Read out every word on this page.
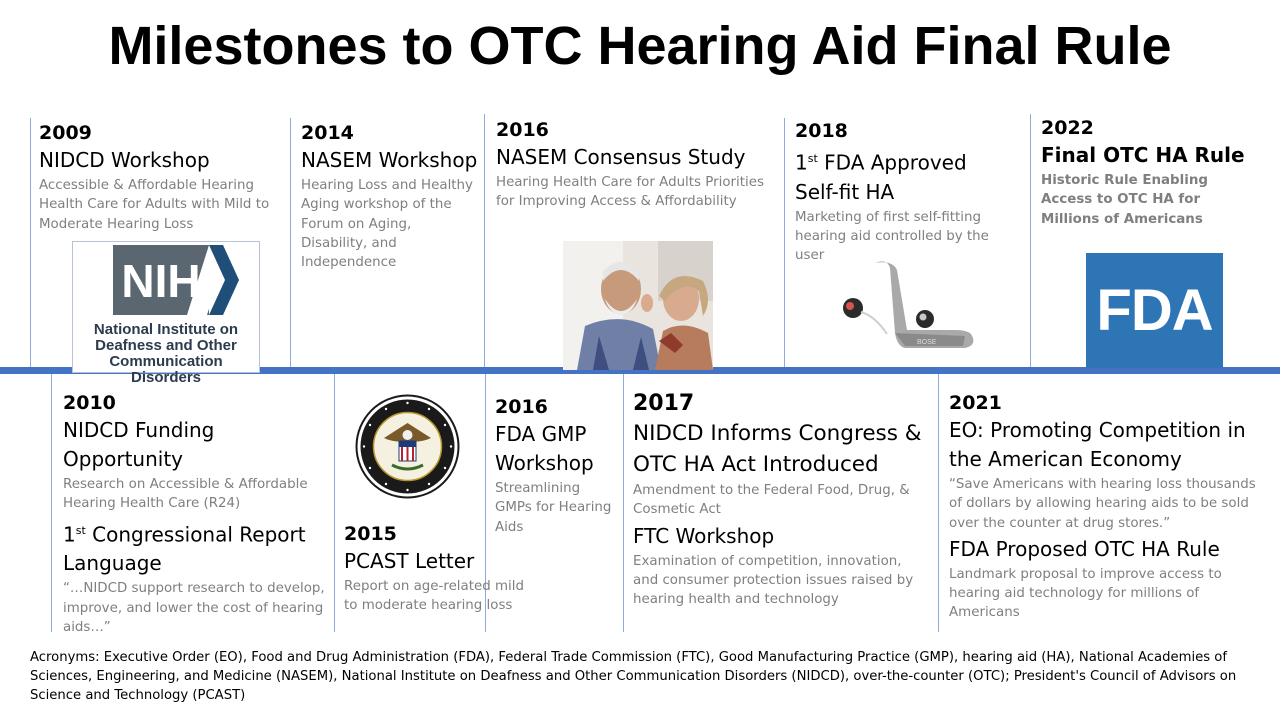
Milestones to OTC Hearing Aid Final Rule
2009
NIDCD Workshop
Accessible & Affordable Hearing Health Care for Adults with Mild to Moderate Hearing Loss
2014
NASEM Workshop
Hearing Loss and Healthy Aging workshop of the Forum on Aging, Disability, and Independence
2016
NASEM Consensus Study
Hearing Health Care for Adults Priorities for Improving Access & Affordability
2018
1st FDA Approved Self-fit HA
Marketing of first self-fitting hearing aid controlled by the user
2022
Final OTC HA Rule
Historic Rule Enabling Access to OTC HA for Millions of Americans
NIH
National Institute on Deafness and Other Communication Disorders
BOSE	FDA
2010
NIDCD Funding Opportunity
Research on Accessible & Affordable Hearing Health Care (R24)
1st Congressional Report Language
“…NIDCD support research to develop, improve, and lower the cost of hearing aids…”
2015
PCAST Letter
Report on age-related mild to moderate hearing loss
2016
FDA GMP Workshop
Streamlining GMPs for Hearing Aids
2017
NIDCD Informs Congress & OTC HA Act Introduced
Amendment to the Federal Food, Drug, & Cosmetic Act
FTC Workshop
Examination of competition, innovation, and consumer protection issues raised by hearing health and technology
2021
EO: Promoting Competition in the American Economy
“Save Americans with hearing loss thousands of dollars by allowing hearing aids to be sold over the counter at drug stores.”
FDA Proposed OTC HA Rule
Landmark proposal to improve access to hearing aid technology for millions of Americans
Acronyms: Executive Order (EO), Food and Drug Administration (FDA), Federal Trade Commission (FTC), Good Manufacturing Practice (GMP), hearing aid (HA), National Academies of Sciences, Engineering, and Medicine (NASEM), National Institute on Deafness and Other Communication Disorders (NIDCD), over-the-counter (OTC); President's Council of Advisors on Science and Technology (PCAST)
